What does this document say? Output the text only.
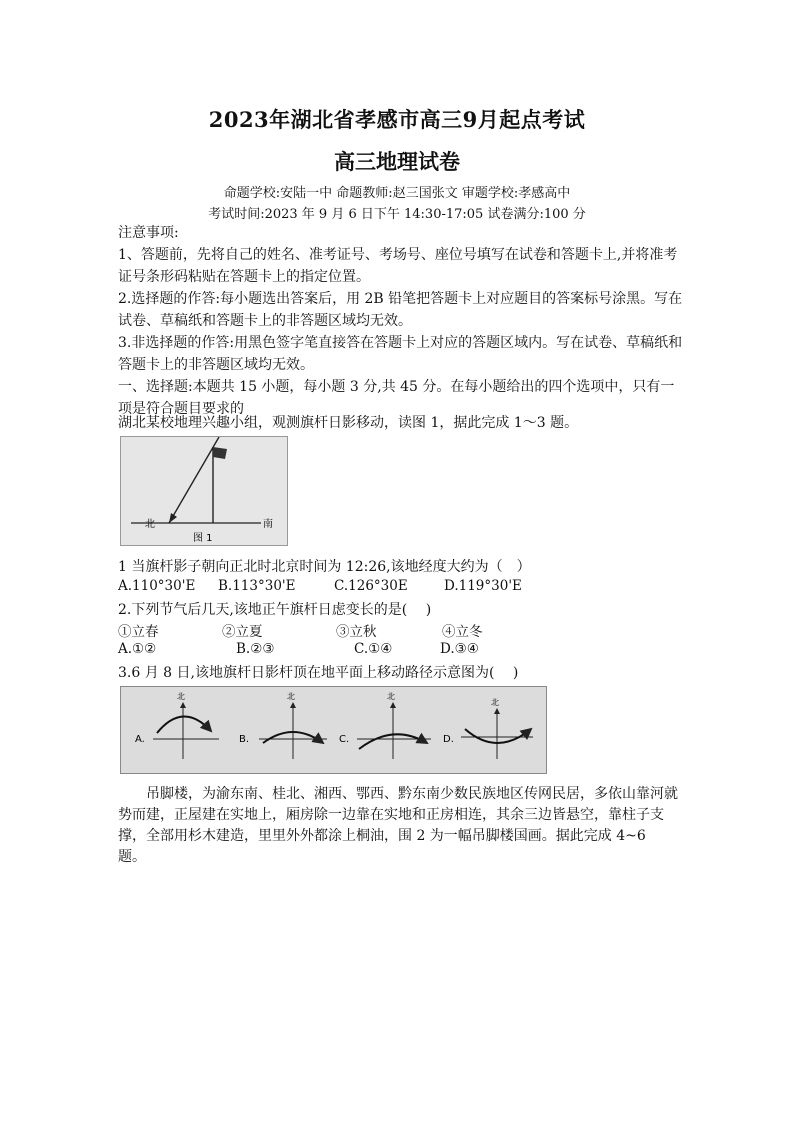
2023年湖北省孝感市高三9月起点考试
高三地理试卷
命题学校:安陆一中 命题教师:赵三国张文 审题学校:孝感高中
考试时间:2023 年 9 月 6 日下午 14:30-17:05 试卷满分:100 分
注意事项:
1、答题前，先将自己的姓名、准考证号、考场号、座位号填写在试卷和答题卡上,并将准考
证号条形码粘贴在答题卡上的指定位置。
2.选择题的作答:每小题选出答案后，用 2B 铅笔把答题卡上对应题目的答案标号涂黑。写在
试卷、草稿纸和答题卡上的非答题区域均无效。
3.非选择题的作答:用黑色签字笔直接答在答题卡上对应的答题区域内。写在试卷、草稿纸和
答题卡上的非答题区域均无效。
一、选择题:本题共 15 小题，每小题 3 分,共 45 分。在每小题给出的四个选项中，只有一
项是符合题目要求的
湖北某校地理兴趣小组，观测旗杆日影移动，读图 1，据此完成 1～3 题。
北	南
图 1
1 当旗杆影子朝向正北时北京时间为 12:26,该地经度大约为（　）
A.110°30'E B.113°30'E	C.126°30E	D.119°30'E
2.下列节气后几天,该地正午旗杆日虑变长的是(　 )
①立春	②立夏	③立秋	④立冬
A.①②	B.②③	C.①④	D.③④
3.6 月 8 日,该地旗杆日影杆顶在地平面上移动路径示意图为(　 )
A.
北
B.
北
C.
北
D.
北
吊脚楼，为渝东南、桂北、湘西、鄂西、黔东南少数民族地区传网民居，多依山靠河就势而建，正屋建在实地上，厢房除一边靠在实地和正房相连，其余三边皆悬空，靠柱子支撑，全部用杉木建造，里里外外都涂上桐油，围 2 为一幅吊脚楼国画。据此完成 4~6 题。
